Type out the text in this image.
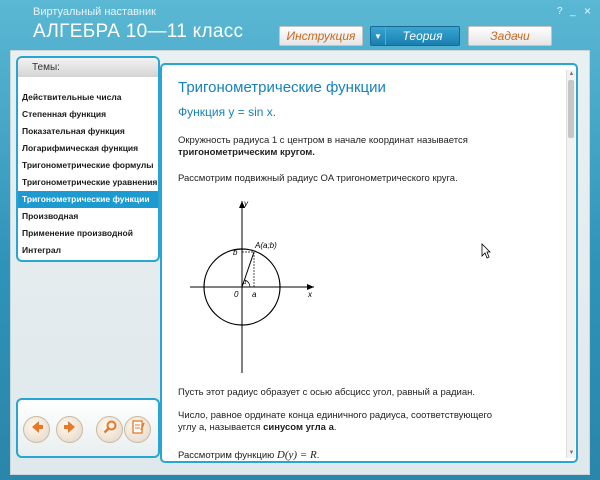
Виртуальный наставник
АЛГЕБРА 10—11 класс
? _ ×
Инструкция	▼	Теория	Задачи
Темы:
Действительные числа
Степенная функция
Показательная функция
Логарифмическая функция
Тригонометрические формулы
Тригонометрические уравнения
Тригонометрические функции
Производная
Применение производной
Интеграл
Тригонометрические функции
Функция y = sin x.
Окружность радиуса 1 с центром в начале координат называется тригонометрическим кругом.
Рассмотрим подвижный радиус OA тригонометрического круга.
y
x
A(a;b)
b
a
0
α
Пусть этот радиус образует с осью абсцисс угол, равный a радиан.
Число, равное ординате конца единичного радиуса, соответствующего углу a, называется синусом угла a.
Рассмотрим функцию D(y) = R.
▲
▼
